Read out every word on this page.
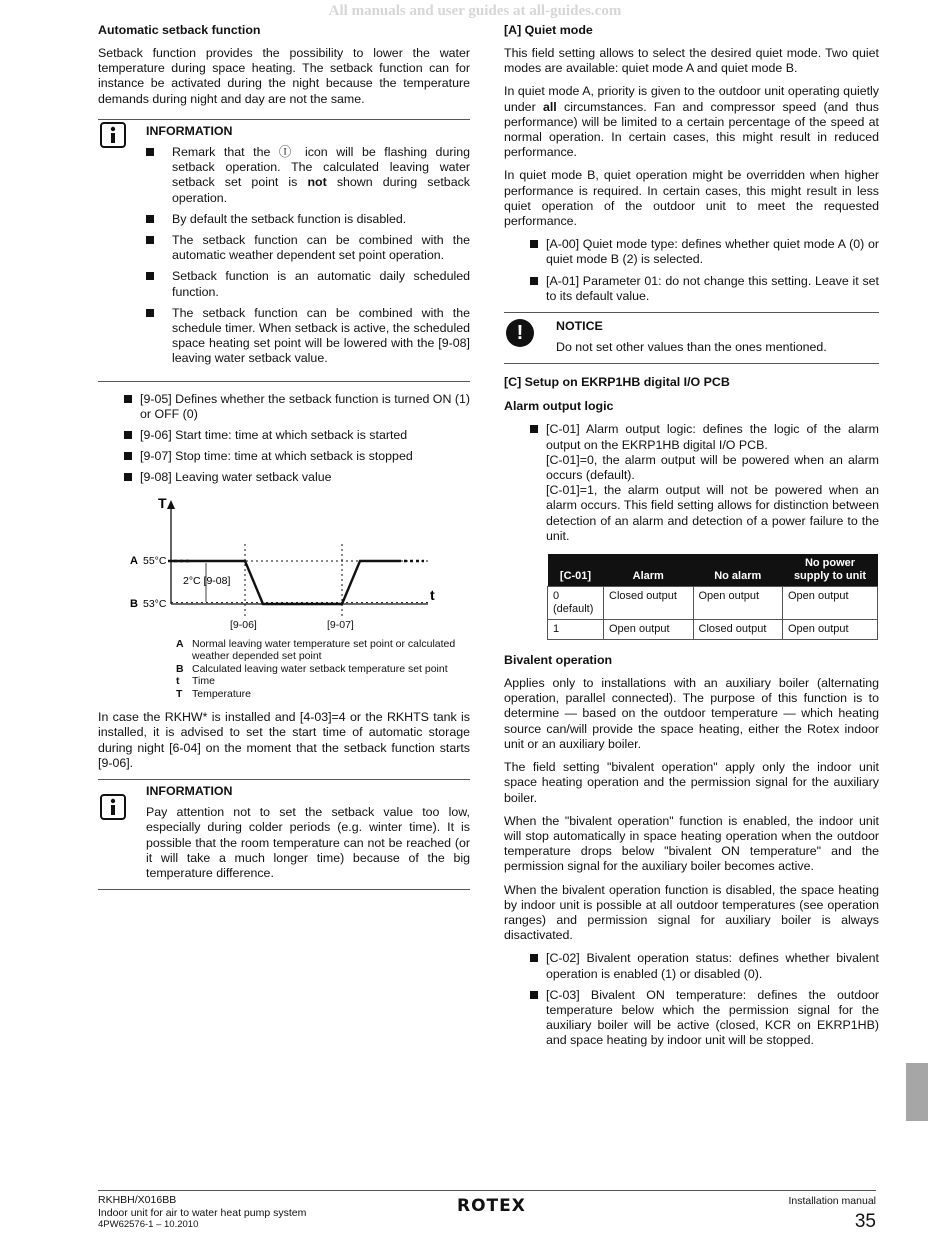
All manuals and user guides at all-guides.com
Automatic setback function

Setback function provides the possibility to lower the water temperature during space heating. The setback function can for instance be activated during the night because the temperature demands during night and day are not the same.

INFORMATION
Remark that the Ⓘ icon will be flashing during setback operation. The calculated leaving water setback set point is not shown during setback operation.
By default the setback function is disabled.
The setback function can be combined with the automatic weather dependent set point operation.
Setback function is an automatic daily scheduled function.
The setback function can be combined with the schedule timer. When setback is active, the scheduled space heating set point will be lowered with the [9-08] leaving water setback value.
[9-05] Defines whether the setback function is turned ON (1) or OFF (0)
[9-06] Start time: time at which setback is started
[9-07] Stop time: time at which setback is stopped
[9-08] Leaving water setback value
T
t
A 55°C
B 53°C
2°C [9-08]
[9-06]	[9-07]
A Normal leaving water temperature set point or calculated weather depended set point
B Calculated leaving water setback temperature set point
t Time
T Temperature

In case the RKHW* is installed and [4-03]=4 or the RKHTS tank is installed, it is advised to set the start time of automatic storage during night [6-04] on the moment that the setback function starts [9-06].

INFORMATION

Pay attention not to set the setback value too low, especially during colder periods (e.g. winter time). It is possible that the room temperature can not be reached (or it will take a much longer time) because of the big temperature difference.

[A] Quiet mode

This field setting allows to select the desired quiet mode. Two quiet modes are available: quiet mode A and quiet mode B.

In quiet mode A, priority is given to the outdoor unit operating quietly under all circumstances. Fan and compressor speed (and thus performance) will be limited to a certain percentage of the speed at normal operation. In certain cases, this might result in reduced performance.

In quiet mode B, quiet operation might be overridden when higher performance is required. In certain cases, this might result in less quiet operation of the outdoor unit to meet the requested performance.

[A-00] Quiet mode type: defines whether quiet mode A (0) or quiet mode B (2) is selected.
[A-01] Parameter 01: do not change this setting. Leave it set to its default value.
!	NOTICE
Do not set other values than the ones mentioned.
[C] Setup on EKRP1HB digital I/O PCB
Alarm output logic
[C-01] Alarm output logic: defines the logic of the alarm output on the EKRP1HB digital I/O PCB.
[C-01]=0, the alarm output will be powered when an alarm occurs (default).
[C-01]=1, the alarm output will not be powered when an alarm occurs. This field setting allows for distinction between detection of an alarm and detection of a power failure to the unit.
[C-01]	Alarm	No alarm	No power supply to unit
0 (default)	Closed output	Open output	Open output
1	Open output	Closed output	Open output
Bivalent operation

Applies only to installations with an auxiliary boiler (alternating operation, parallel connected). The purpose of this function is to determine — based on the outdoor temperature — which heating source can/will provide the space heating, either the Rotex indoor unit or an auxiliary boiler.

The field setting "bivalent operation" apply only the indoor unit space heating operation and the permission signal for the auxiliary boiler.

When the "bivalent operation" function is enabled, the indoor unit will stop automatically in space heating operation when the outdoor temperature drops below "bivalent ON temperature" and the permission signal for the auxiliary boiler becomes active.

When the bivalent operation function is disabled, the space heating by indoor unit is possible at all outdoor temperatures (see operation ranges) and permission signal for auxiliary boiler is always disactivated.

[C-02] Bivalent operation status: defines whether bivalent operation is enabled (1) or disabled (0).
[C-03] Bivalent ON temperature: defines the outdoor temperature below which the permission signal for the auxiliary boiler will be active (closed, KCR on EKRP1HB) and space heating by indoor unit will be stopped.
RKHBH/X016BB
Indoor unit for air to water heat pump system
4PW62576-1 – 10.2010
ROTEX	Installation manual
35
